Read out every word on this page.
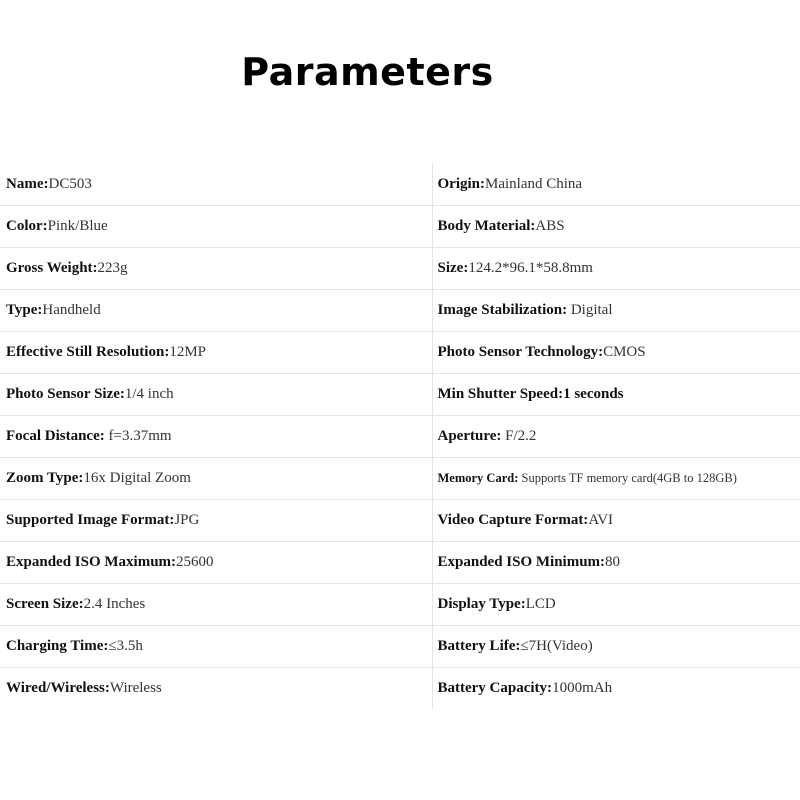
Parameters
Name:DC503	Origin:Mainland China
Color:Pink/Blue	Body Material:ABS
Gross Weight:223g	Size:124.2*96.1*58.8mm
Type:Handheld	Image Stabilization: Digital
Effective Still Resolution:12MP	Photo Sensor Technology:CMOS
Photo Sensor Size:1/4 inch	Min Shutter Speed:1 seconds
Focal Distance: f=3.37mm	Aperture: F/2.2
Zoom Type:16x Digital Zoom	Memory Card: Supports TF memory card(4GB to 128GB)
Supported Image Format:JPG	Video Capture Format:AVI
Expanded ISO Maximum:25600	Expanded ISO Minimum:80
Screen Size:2.4 Inches	Display Type:LCD
Charging Time:≤3.5h	Battery Life:≤7H(Video)
Wired/Wireless:Wireless	Battery Capacity:1000mAh
